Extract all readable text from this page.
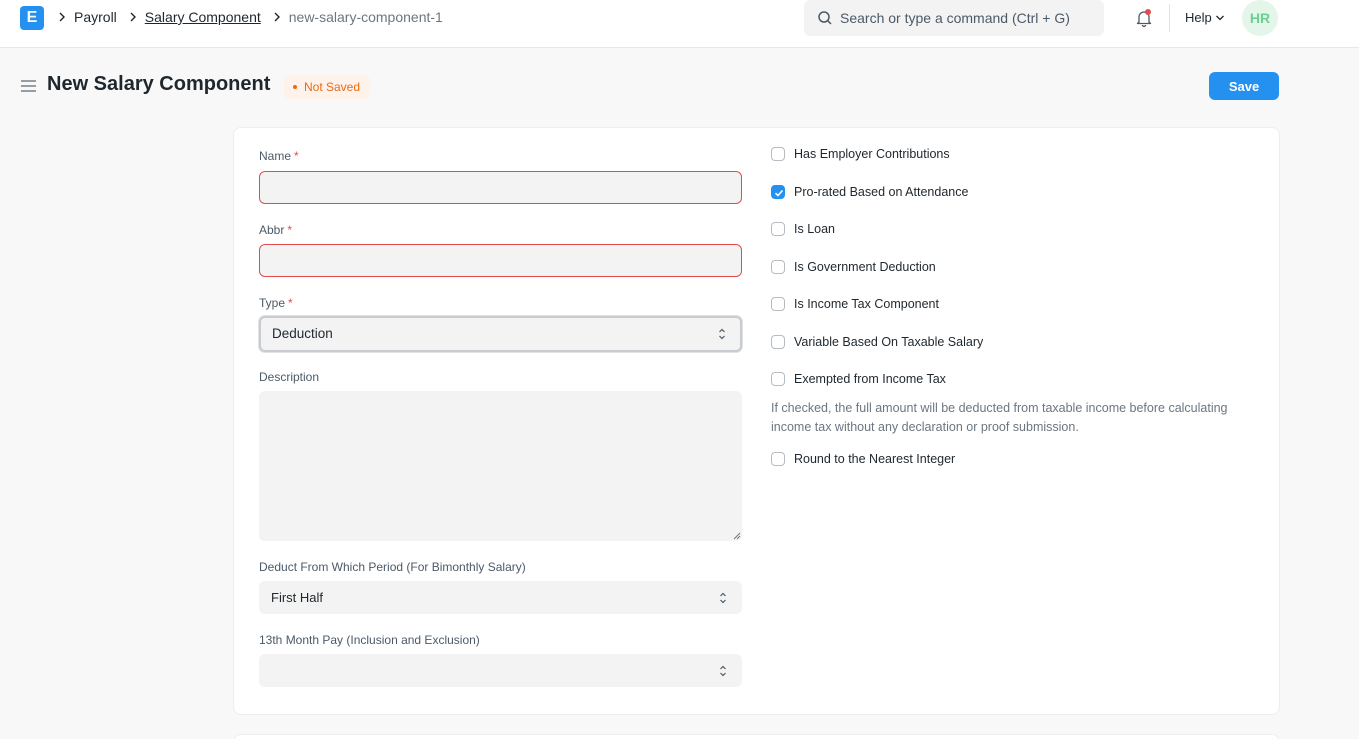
E	Payroll Salary Component new-salary-component-1	Search or type a command (Ctrl + G)	Help	HR
New Salary Component	Not Saved	Save
Name *
Abbr *
Type *
Deduction
Description
Deduct From Which Period (For Bimonthly Salary)
First Half
13th Month Pay (Inclusion and Exclusion)
Has Employer Contributions
Pro-rated Based on Attendance
Is Loan
Is Government Deduction
Is Income Tax Component
Variable Based On Taxable Salary
Exempted from Income Tax
If checked, the full amount will be deducted from taxable income before calculating income tax without any declaration or proof submission.
Round to the Nearest Integer
